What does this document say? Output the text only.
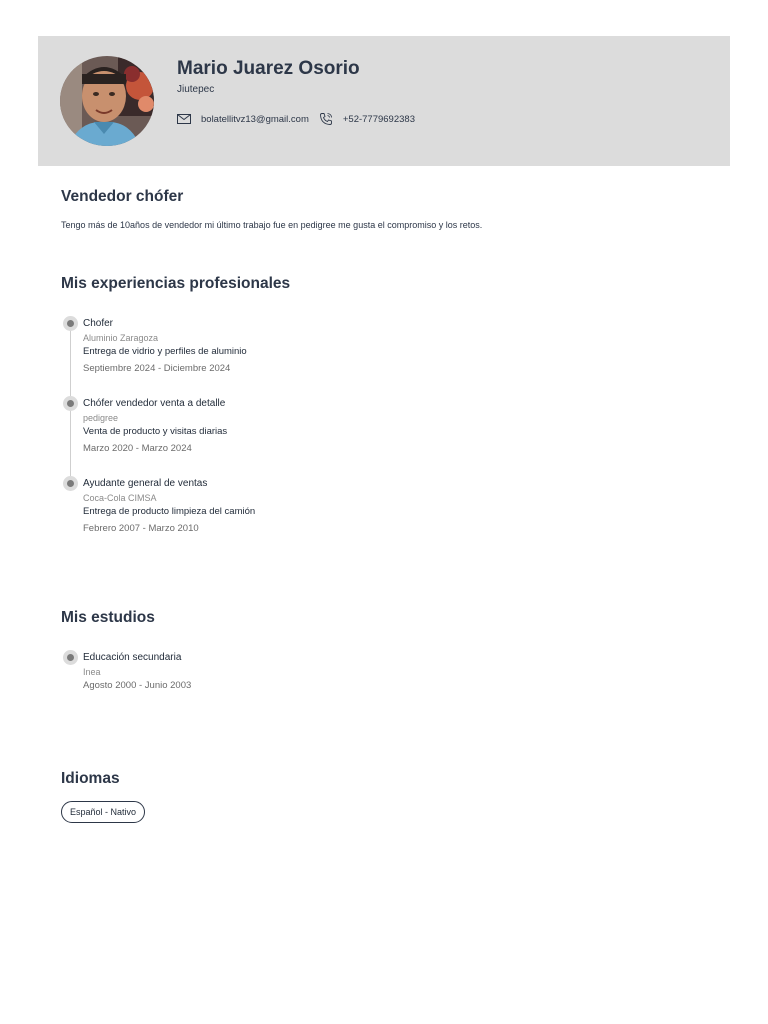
Mario Juarez Osorio
Jiutepec
bolatellitvz13@gmail.com	+52-7779692383
Vendedor chófer
Tengo más de 10años de vendedor mi último trabajo fue en pedigree me gusta el compromiso y los retos.
Mis experiencias profesionales
Chofer
Aluminio Zaragoza
Entrega de vidrio y perfiles de aluminio
Septiembre 2024 - Diciembre 2024
Chófer vendedor venta a detalle
pedigree
Venta de producto y visitas diarias
Marzo 2020 - Marzo 2024
Ayudante general de ventas
Coca-Cola CIMSA
Entrega de producto limpieza del camión
Febrero 2007 - Marzo 2010
Mis estudios
Educación secundaria
Inea
Agosto 2000 - Junio 2003
Idiomas
Español - Nativo
